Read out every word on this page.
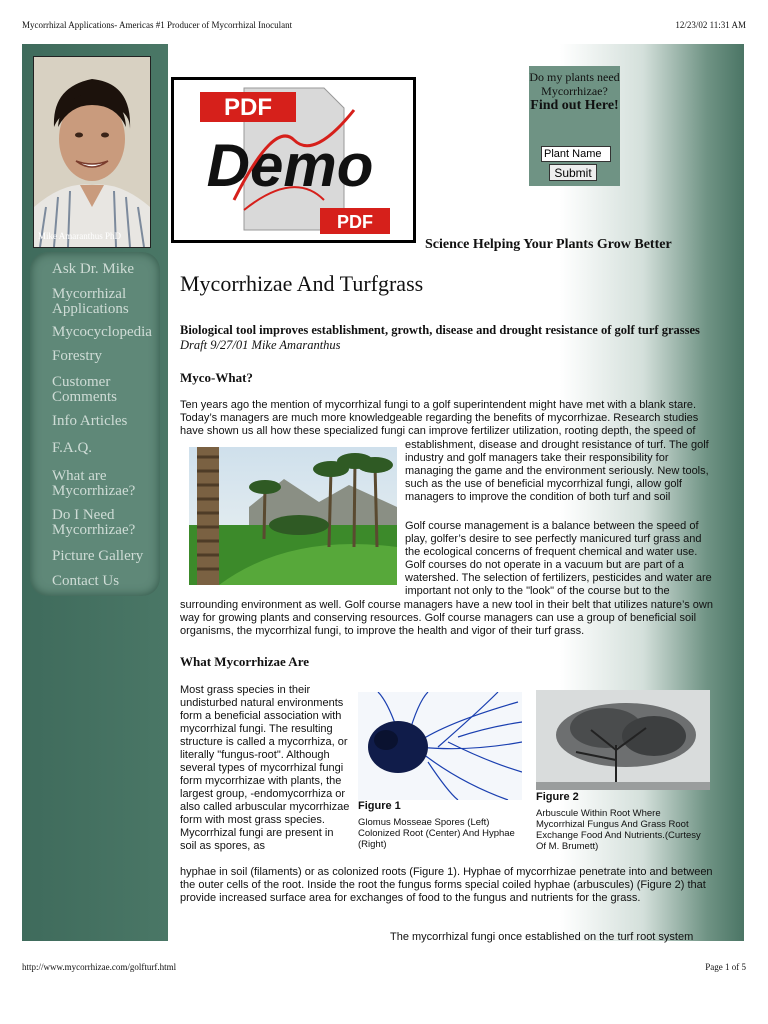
Mycorrhizal Applications- Americas #1 Producer of Mycorrhizal Inoculant	12/23/02 11:31 AM
Mike Amaranthus PhD
Ask Dr. Mike
Mycorrhizal Applications
Mycocyclopedia
Forestry
Customer Comments
Info Articles
F.A.Q.
What are Mycorrhizae?
Do I Need Mycorrhizae?
Picture Gallery
Contact Us
PDF
Demo
PDF
Do my plants need Mycorrhizae?
Find out Here!
Plant Name
Submit
Science Helping Your Plants Grow Better
Mycorrhizae And Turfgrass
Biological tool improves establishment, growth, disease and drought resistance of golf turf grasses
Draft 9/27/01 Mike Amaranthus
Myco-What?
Ten years ago the mention of mycorrhizal fungi to a golf superintendent might have met with a blank stare. Today’s managers are much more knowledgeable regarding the benefits of mycorrhizae. Research studies have shown us all how these specialized fungi can improve fertilizer utilization, rooting depth, the speed of
establishment, disease and drought resistance of turf. The golf industry and golf managers take their responsibility for managing the game and the environment seriously. New tools, such as the use of beneficial mycorrhizal fungi, allow golf managers to improve the condition of both turf and soil
Golf course management is a balance between the speed of play, golfer’s desire to see perfectly manicured turf grass and the ecological concerns of frequent chemical and water use. Golf courses do not operate in a vacuum but are part of a watershed. The selection of fertilizers, pesticides and water are important not only to the "look" of the course but to the
surrounding environment as well. Golf course managers have a new tool in their belt that utilizes nature’s own way for growing plants and conserving resources. Golf course managers can use a group of beneficial soil organisms, the mycorrhizal fungi, to improve the health and vigor of their turf grass.
What Mycorrhizae Are
Most grass species in their undisturbed natural environments form a beneficial association with mycorrhizal fungi. The resulting structure is called a mycorrhiza, or literally "fungus-root". Although several types of mycorrhizal fungi form mycorrhizae with plants, the largest group, -endomycorrhiza or also called arbuscular mycorrhizae form with most grass species. Mycorrhizal fungi are present in soil as spores, as
Figure 1
Glomus Mosseae Spores (Left) Colonized Root (Center) And Hyphae (Right)
Figure 2
Arbuscule Within Root Where Mycorrhizal Fungus And Grass Root Exchange Food And Nutrients.(Curtesy Of M. Brumett)
hyphae in soil (filaments) or as colonized roots (Figure 1). Hyphae of mycorrhizae penetrate into and between the outer cells of the root. Inside the root the fungus forms special coiled hyphae (arbuscules) (Figure 2) that provide increased surface area for exchanges of food to the fungus and nutrients for the grass.
The mycorrhizal fungi once established on the turf root system
http://www.mycorrhizae.com/golfturf.html	Page 1 of 5
